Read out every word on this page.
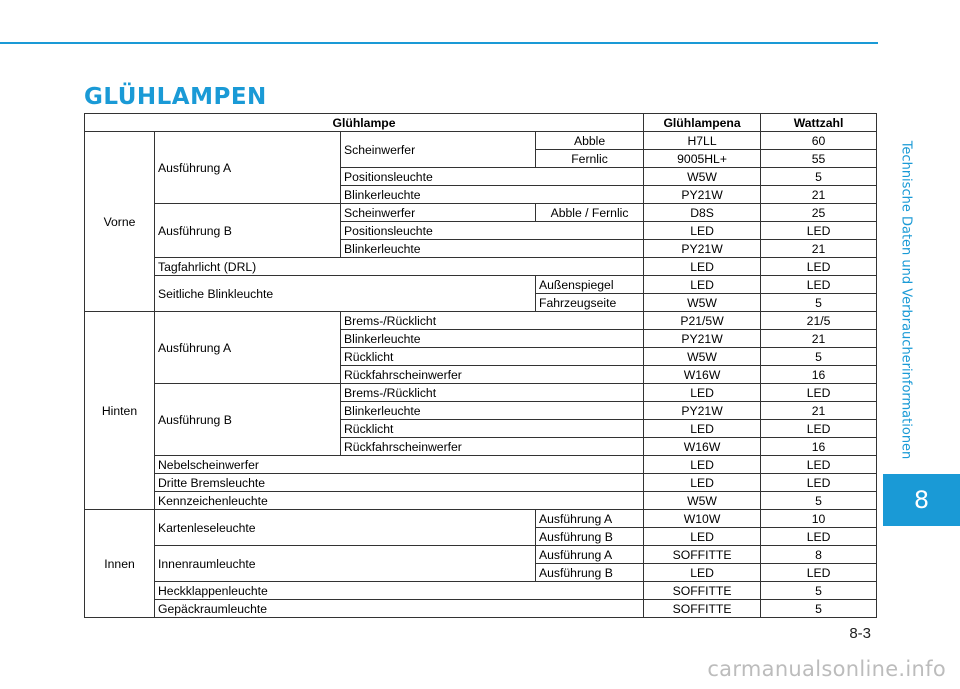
GLÜHLAMPEN
Technische Daten und Verbraucherinformationen
8
Glühlampe				Glühlampena	Wattzahl
Vorne	Ausführung A	Scheinwerfer	Abble	H7LL	60
			Fernlic	9005HL+	55
		Positionsleuchte		W5W	5
		Blinkerleuchte		PY21W	21
	Ausführung B	Scheinwerfer	Abble / Fernlic	D8S	25
		Positionsleuchte		LED	LED
		Blinkerleuchte		PY21W	21
	Tagfahrlicht (DRL)			LED	LED
	Seitliche Blinkleuchte		Außenspiegel	LED	LED
			Fahrzeugseite	W5W	5
Hinten	Ausführung A	Brems-/Rücklicht		P21/5W	21/5
		Blinkerleuchte		PY21W	21
		Rücklicht		W5W	5
		Rückfahrscheinwerfer		W16W	16
	Ausführung B	Brems-/Rücklicht		LED	LED
		Blinkerleuchte		PY21W	21
		Rücklicht		LED	LED
		Rückfahrscheinwerfer		W16W	16
	Nebelscheinwerfer			LED	LED
	Dritte Bremsleuchte			LED	LED
	Kennzeichenleuchte			W5W	5
Innen	Kartenleseleuchte		Ausführung A	W10W	10
			Ausführung B	LED	LED
	Innenraumleuchte		Ausführung A	SOFFITTE	8
			Ausführung B	LED	LED
	Heckklappenleuchte			SOFFITTE	5
	Gepäckraumleuchte			SOFFITTE	5
8-3
carmanualsonline.info
